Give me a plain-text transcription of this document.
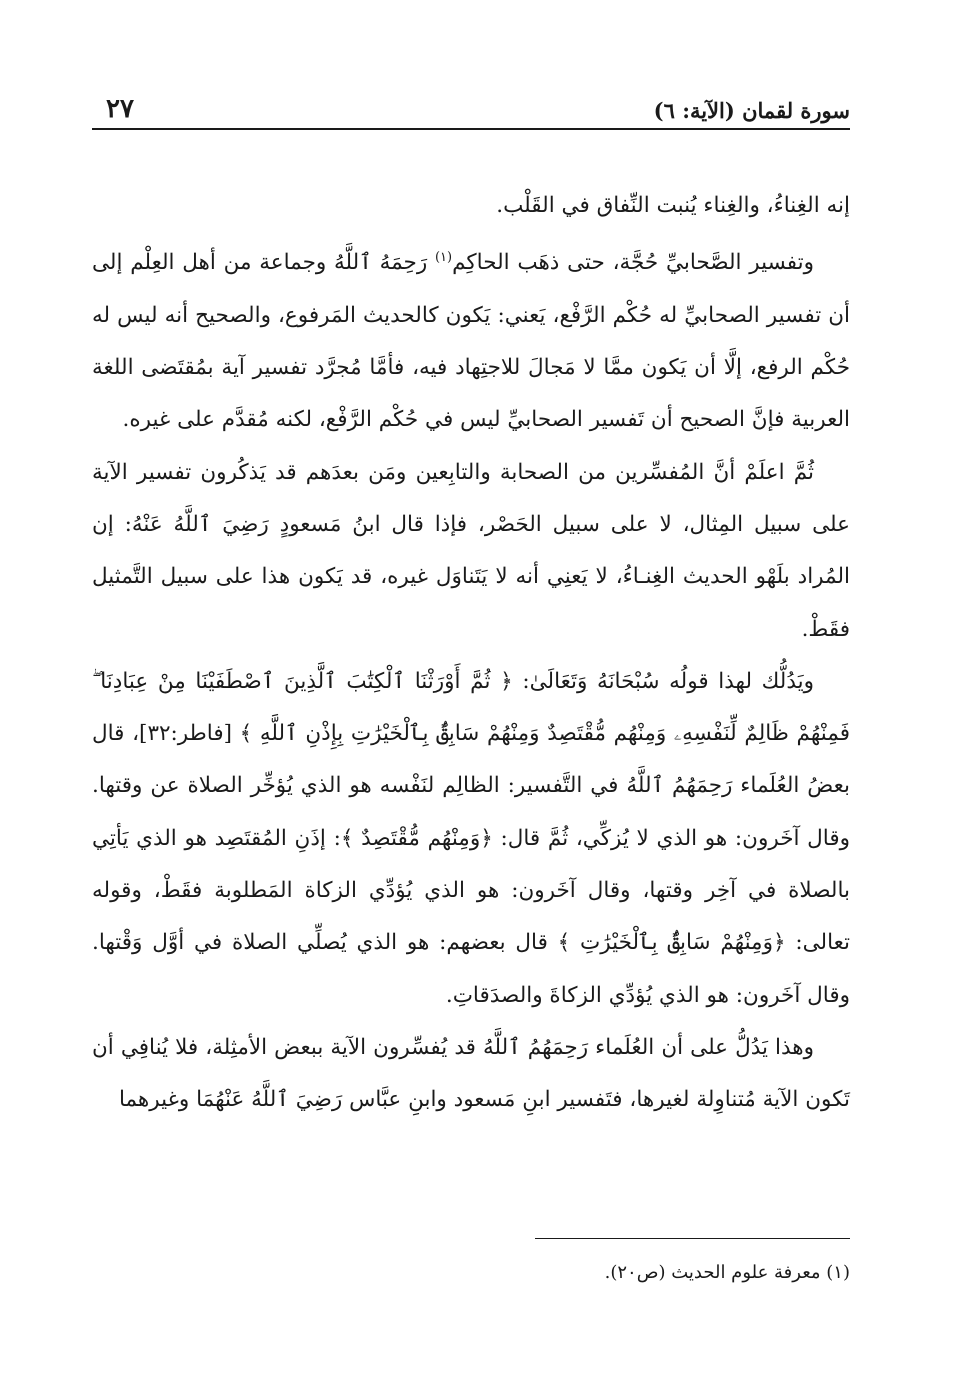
سورة لقمان (الآية: ٦)
٢٧

إنه الغِناءُ، والغِناء يُنبت النِّفاق في القَلْب.

وتفسير الصَّحابيِّ حُجَّة، حتى ذهَب الحاكِم$^{(١)}$ رَحِمَهُ ٱللَّهُ وجماعة من أهل العِلْم إلى أن تفسير الصحابيِّ له حُكْم الرَّفْع، يَعني: يَكون كالحديث المَرفوع، والصحيح أنه ليس له حُكْم الرفع، إلَّا أن يَكون ممَّا لا مَجالَ للاجتِهاد فيه، فأمَّا مُجرَّد تفسير آية بمُقتَضى اللغة العربية فإنَّ الصحيح أن تَفسير الصحابيِّ ليس في حُكْم الرَّفْع، لكنه مُقدَّم على غيره.

ثُمَّ اعلَمْ أنَّ المُفسِّرين من الصحابة والتابِعين ومَن بعدَهم قد يَذكُرون تفسير الآية على سبيل المِثال، لا على سبيل الحَصْر، فإذا قال ابنُ مَسعودٍ رَضِيَ ٱللَّهُ عَنْهُ: إن المُراد بلَهْو الحديث الغِنـاءُ، لا يَعنِي أنه لا يَتَناوَل غيره، قد يَكون هذا على سبيل التَّمثيل فقَطْ.

ويَدُلُّك لهذا قولُه سُبْحَانَهُ وَتَعَالَىٰ: ﴿ ثُمَّ أَوْرَثْنَا ٱلْكِتَٰبَ ٱلَّذِينَ ٱصْطَفَيْنَا مِنْ عِبَادِنَا ۖ فَمِنْهُمْ ظَالِمٌ لِّنَفْسِهِۦ وَمِنْهُم مُّقْتَصِدٌ وَمِنْهُمْ سَابِقٌۢ بِٱلْخَيْرَٰتِ بِإِذْنِ ٱللَّهِ ﴾ [فاطر:٣٢]، قال بعضُ العُلَماء رَحِمَهُمُ ٱللَّهُ في التَّفسير: الظالِم لنَفْسه هو الذي يُؤخِّر الصلاة عن وقتها. وقال آخَرون: هو الذي لا يُزكِّي، ثُمَّ قال: ﴿وَمِنْهُم مُّقْتَصِدٌ ﴾: إذَنِ المُقتَصِد هو الذي يَأتِي بالصلاة في آخِر وقتها، وقال آخَرون: هو الذي يُؤدِّي الزكاة المَطلوبة فقَطْ، وقوله تعالى: ﴿وَمِنْهُمْ سَابِقٌۢ بِٱلْخَيْرَٰتِ ﴾ قال بعضهم: هو الذي يُصلِّي الصلاة في أوَّل وَقْتها. وقال آخَرون: هو الذي يُؤدِّي الزكاةَ والصدَقاتِ.

وهذا يَدُلُّ على أن العُلَماء رَحِمَهُمُ ٱللَّهُ قد يُفسِّرون الآية ببعض الأمثِلة، فلا يُنافِي أن تَكون الآية مُتناوِلة لغيرها، فتَفسير ابنِ مَسعود وابنِ عبَّاس رَضِيَ ٱللَّهُ عَنْهُمَا وغيرهما

(١) معرفة علوم الحديث (ص٢٠).
